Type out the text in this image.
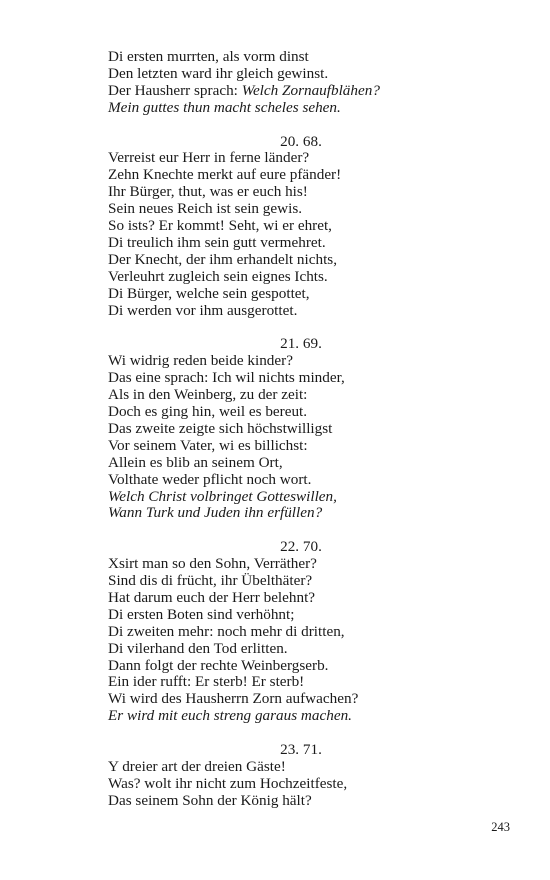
Di ersten murrten, als vorm dinst
Den letzten ward ihr gleich gewinst.
Der Hausherr sprach: Welch Zornaufblähen?
Mein guttes thun macht scheles sehen.
20. 68.
Verreist eur Herr in ferne länder?
Zehn Knechte merkt auf eure pfänder!
Ihr Bürger, thut, was er euch his!
Sein neues Reich ist sein gewis.
So ists? Er kommt! Seht, wi er ehret,
Di treulich ihm sein gutt vermehret.
Der Knecht, der ihm erhandelt nichts,
Verleuhrt zugleich sein eignes Ichts.
Di Bürger, welche sein gespottet,
Di werden vor ihm ausgerottet.
21. 69.
Wi widrig reden beide kinder?
Das eine sprach: Ich wil nichts minder,
Als in den Weinberg, zu der zeit:
Doch es ging hin, weil es bereut.
Das zweite zeigte sich höchstwilligst
Vor seinem Vater, wi es billichst:
Allein es blib an seinem Ort,
Volthate weder pflicht noch wort.
Welch Christ volbringet Gotteswillen,
Wann Turk und Juden ihn erfüllen?
22. 70.
Xsirt man so den Sohn, Verräther?
Sind dis di frücht, ihr Übelthäter?
Hat darum euch der Herr belehnt?
Di ersten Boten sind verhöhnt;
Di zweiten mehr: noch mehr di dritten,
Di vilerhand den Tod erlitten.
Dann folgt der rechte Weinbergserb.
Ein ider rufft: Er sterb! Er sterb!
Wi wird des Hausherrn Zorn aufwachen?
Er wird mit euch streng garaus machen.
23. 71.
Y dreier art der dreien Gäste!
Was? wolt ihr nicht zum Hochzeitfeste,
Das seinem Sohn der König hält?
243
